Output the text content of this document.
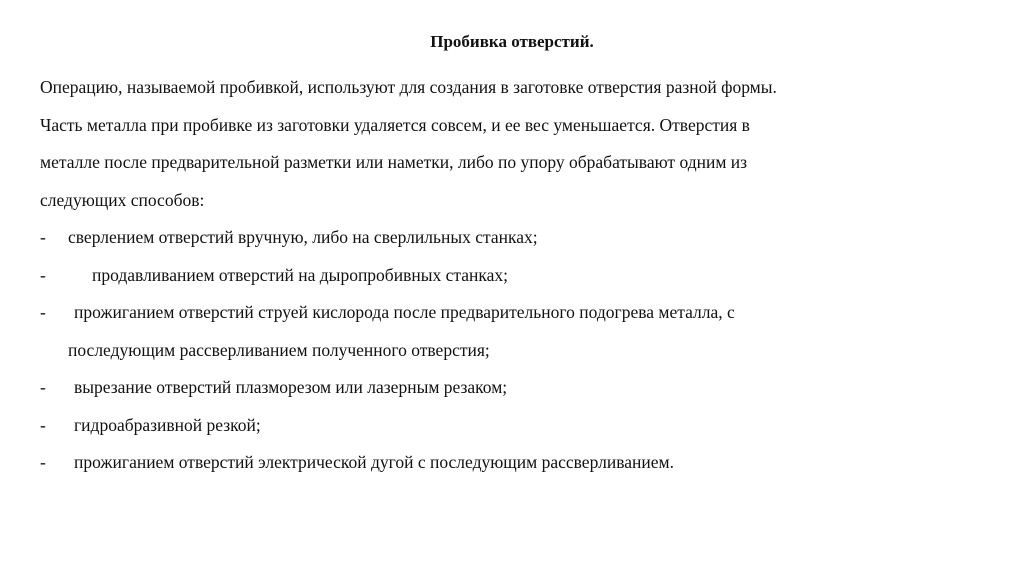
Пробивка отверстий.
Операцию, называемой пробивкой, используют для создания в заготовке отверстия разной формы.
Часть металла при пробивке из заготовки удаляется совсем, и ее вес уменьшается. Отверстия в
металле после предварительной разметки или наметки, либо по упору обрабатывают одним из
следующих способов:
- сверлением отверстий вручную, либо на сверлильных станках;
-	продавливанием отверстий на дыропробивных станках;
- прожиганием отверстий струей кислорода после предварительного подогрева металла, с
последующим рассверливанием полученного отверстия;
- вырезание отверстий плазморезом или лазерным резаком;
- гидроабразивной резкой;
- прожиганием отверстий электрической дугой с последующим рассверливанием.
